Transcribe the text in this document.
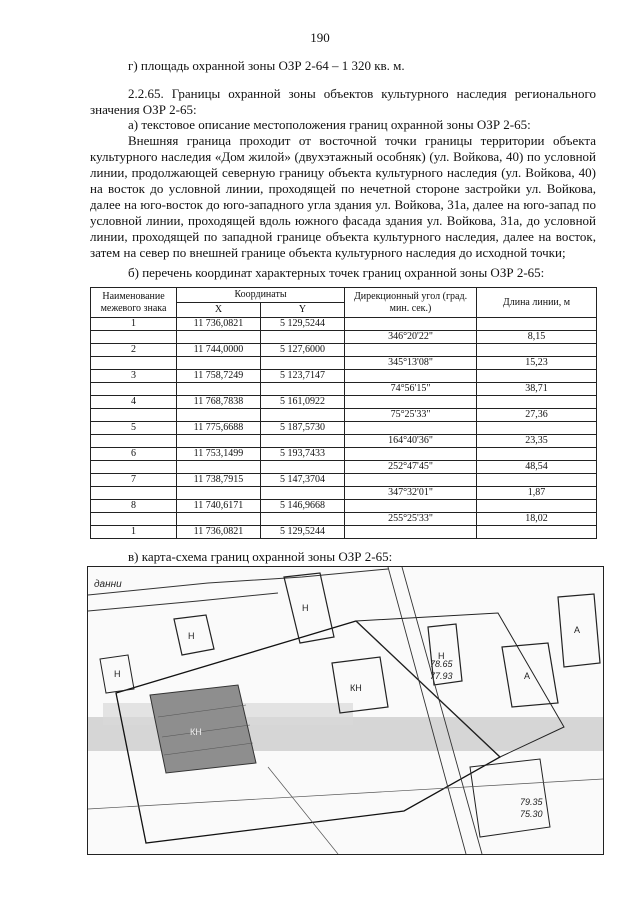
190

г) площадь охранной зоны ОЗР 2-64 – 1 320 кв. м.

2.2.65. Границы охранной зоны объектов культурного наследия регионального значения ОЗР 2-65:

а) текстовое описание местоположения границ охранной зоны ОЗР 2-65:

Внешняя граница проходит от восточной точки границы территории объекта культурного наследия «Дом жилой» (двухэтажный особняк) (ул. Войкова, 40) по условной линии, продолжающей северную границу объекта культурного наследия (ул. Войкова, 40) на восток до условной линии, проходящей по нечетной стороне застройки ул. Войкова, далее на юго-восток до юго-западного угла здания ул. Войкова, 31а, далее на юго-запад по условной линии, проходящей вдоль южного фасада здания ул. Войкова, 31а, до условной линии, проходящей по западной границе объекта культурного наследия, далее на восток, затем на север по внешней границе объекта культурного наследия до исходной точки;

б) перечень координат характерных точек границ охранной зоны ОЗР 2-65:

Наименование межевого знака	Координаты		Дирекционный угол (град. мин. сек.)	Длина линии, м
	X	Y		
1	11 736,0821	5 129,5244		
			346°20'22"	8,15
2	11 744,0000	5 127,6000		
			345°13'08"	15,23
3	11 758,7249	5 123,7147		
			74°56'15"	38,71
4	11 768,7838	5 161,0922		
			75°25'33"	27,36
5	11 775,6688	5 187,5730		
			164°40'36"	23,35
6	11 753,1499	5 193,7433		
			252°47'45"	48,54
7	11 738,7915	5 147,3704		
			347°32'01"	1,87
8	11 740,6171	5 146,9668		
			255°25'33"	18,02
1	11 736,0821	5 129,5244		

в) карта-схема границ охранной зоны ОЗР 2-65:

данни
Н
Н
Н
КН
КН
Н
А
А
78.65
77.93
79.35
75.30
